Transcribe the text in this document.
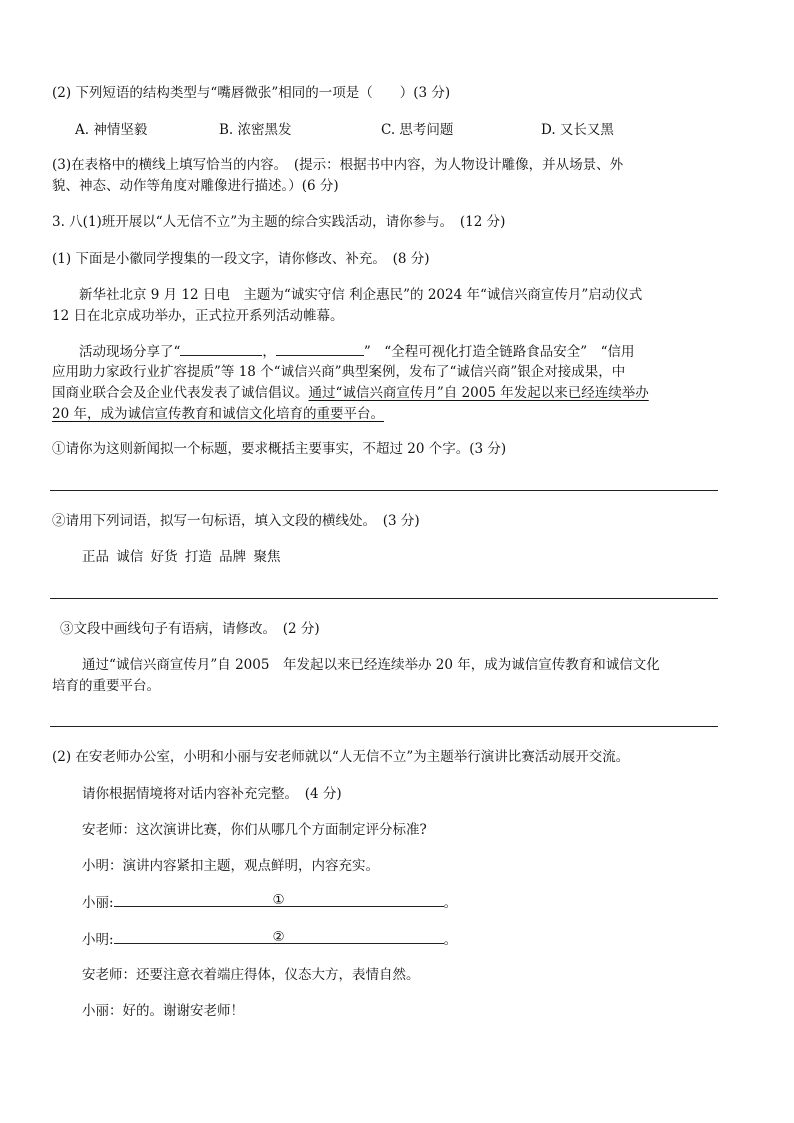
(2) 下列短语的结构类型与“嘴唇微张”相同的一项是（　　）(3 分)
A. 神情坚毅	B. 浓密黑发	C. 思考问题	D. 又长又黑
(3)在表格中的横线上填写恰当的内容。　(提示：根据书中内容，为人物设计雕像，并从场景、外
貌、神态、动作等角度对雕像进行描述。）(6 分)
3. 八(1)班开展以“人无信不立”为主题的综合实践活动，请你参与。　(12 分)
(1) 下面是小徽同学搜集的一段文字，请你修改、补充。　(8 分)
新华社北京 9 月 12 日电　主题为“诚实守信 利企惠民”的 2024 年“诚信兴商宣传月”启动仪式
12 日在北京成功举办，正式拉开系列活动帷幕。
活动现场分享了“	，	”　“全程可视化打造全链路食品安全”　“信用
应用助力家政行业扩容提质”等 18 个“诚信兴商”典型案例，发布了“诚信兴商”银企对接成果，中
国商业联合会及企业代表发表了诚信倡议。通过“诚信兴商宣传月”自 2005 年发起以来已经连续举办
20 年，成为诚信宣传教育和诚信文化培育的重要平台。
①请你为这则新闻拟一个标题，要求概括主要事实，不超过 20 个字。(3 分)
②请用下列词语，拟写一句标语，填入文段的横线处。　(3 分)
正品 诚信 好货 打造 品牌 聚焦
③文段中画线句子有语病，请修改。　(2 分)
通过“诚信兴商宣传月”自 2005　年发起以来已经连续举办 20 年，成为诚信宣传教育和诚信文化
培育的重要平台。
(2) 在安老师办公室，小明和小丽与安老师就以“人无信不立”为主题举行演讲比赛活动展开交流。
请你根据情境将对话内容补充完整。　(4 分)
安老师：这次演讲比赛，你们从哪几个方面制定评分标准?
小明：演讲内容紧扣主题，观点鲜明，内容充实。
小丽:	①	。
小明:	②	。
安老师：还要注意衣着端庄得体，仪态大方，表情自然。
小丽：好的。谢谢安老师！
